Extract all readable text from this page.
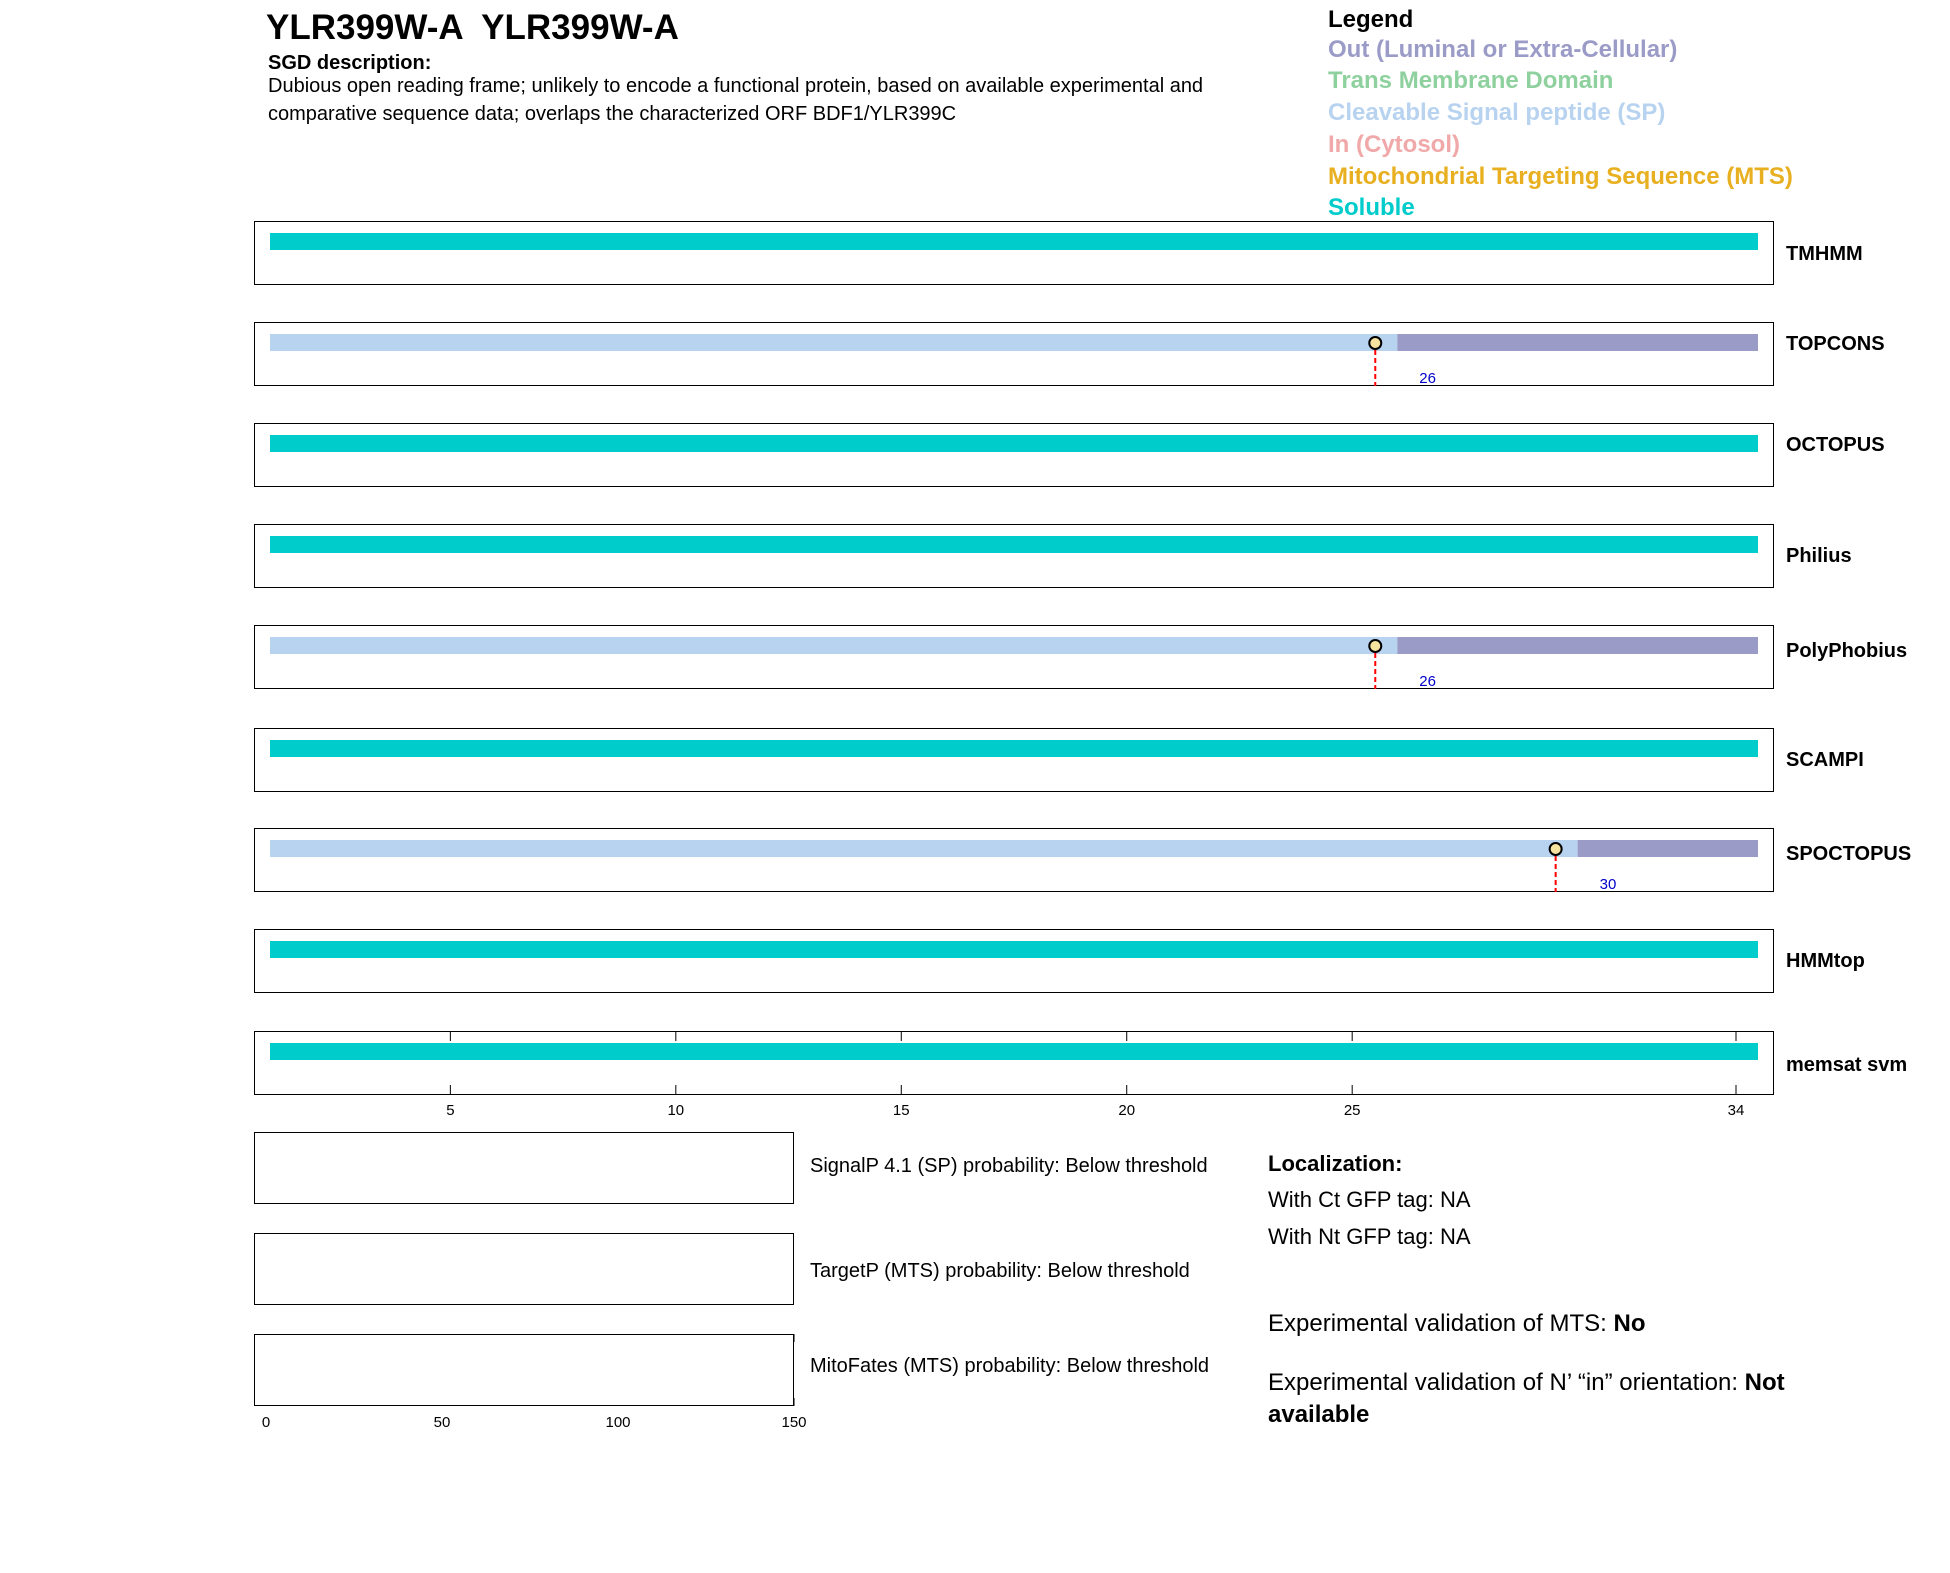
YLR399W-A  YLR399W-A
SGD description:
Dubious open reading frame; unlikely to encode a functional protein, based on available experimental and comparative sequence data; overlaps the characterized ORF BDF1/YLR399C
Legend
Out (Luminal or Extra-Cellular)
Trans Membrane Domain
Cleavable Signal peptide (SP)
In (Cytosol)
Mitochondrial Targeting Sequence (MTS)
Soluble
TMHMM
TOPCONS
OCTOPUS
Philius
PolyPhobius
SCAMPI
SPOCTOPUS
HMMtop
memsat svm
26
26
30
5	10	15	20	25	34
0	50	100	150
SignalP 4.1 (SP) probability: Below threshold
TargetP (MTS) probability: Below threshold
MitoFates (MTS) probability: Below threshold
Localization:
With Ct GFP tag: NA
With Nt GFP tag: NA
Experimental validation of MTS: No
Experimental validation of N’ “in” orientation: Not available
